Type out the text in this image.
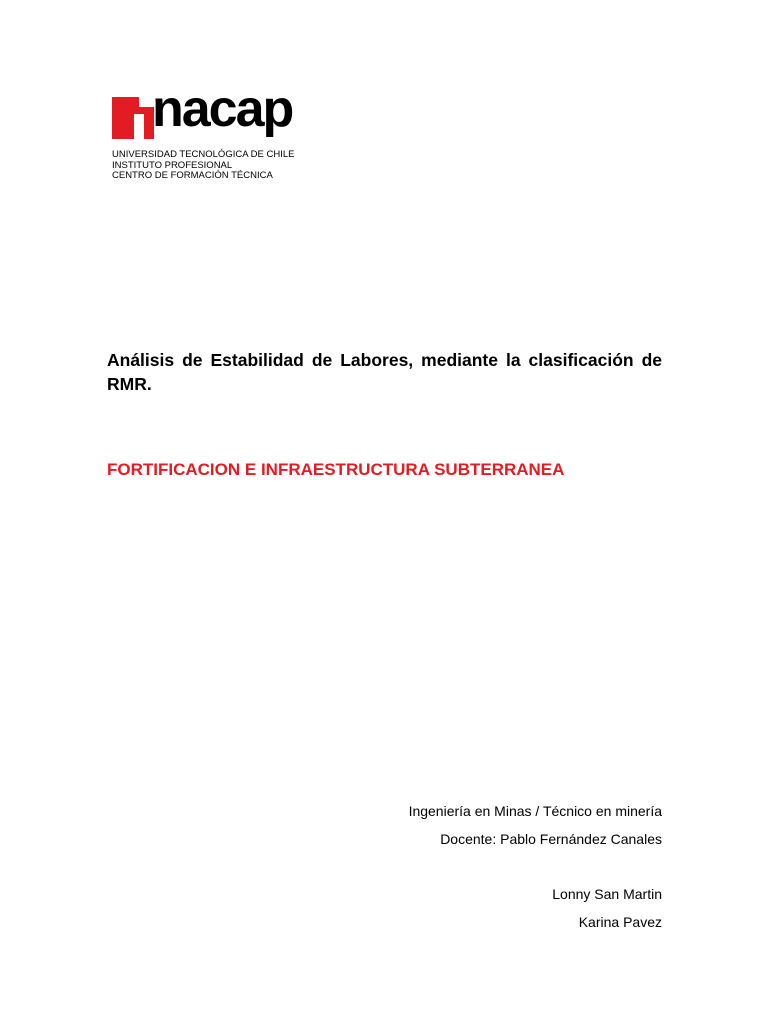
nacap
UNIVERSIDAD TECNOLÓGICA DE CHILE
INSTITUTO PROFESIONAL
CENTRO DE FORMACIÓN TÉCNICA
Análisis de Estabilidad de Labores, mediante la clasificación de RMR.
FORTIFICACION E INFRAESTRUCTURA SUBTERRANEA
Ingeniería en Minas / Técnico en minería
Docente: Pablo Fernández Canales
Lonny San Martin
Karina Pavez
